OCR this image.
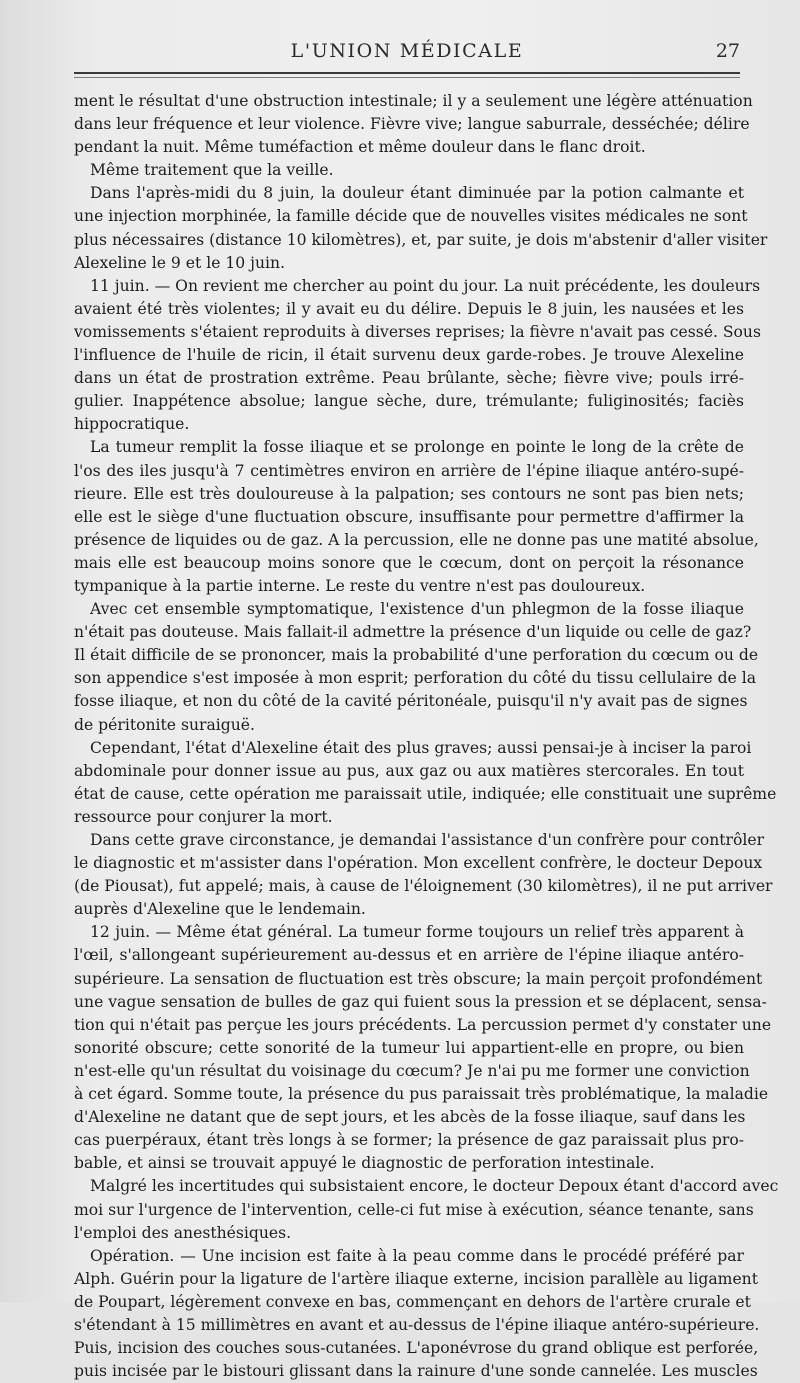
L'UNION MÉDICALE	27
ment le résultat d'une obstruction intestinale; il y a seulement une légère atténuation
dans leur fréquence et leur violence. Fièvre vive; langue saburrale, desséchée; délire
pendant la nuit. Même tuméfaction et même douleur dans le flanc droit.
Même traitement que la veille.
Dans l'après-midi du 8 juin, la douleur étant diminuée par la potion calmante et
une injection morphinée, la famille décide que de nouvelles visites médicales ne sont
plus nécessaires (distance 10 kilomètres), et, par suite, je dois m'abstenir d'aller visiter
Alexeline le 9 et le 10 juin.
11 juin. — On revient me chercher au point du jour. La nuit précédente, les douleurs
avaient été très violentes; il y avait eu du délire. Depuis le 8 juin, les nausées et les
vomissements s'étaient reproduits à diverses reprises; la fièvre n'avait pas cessé. Sous
l'influence de l'huile de ricin, il était survenu deux garde-robes. Je trouve Alexeline
dans un état de prostration extrême. Peau brûlante, sèche; fièvre vive; pouls irré-
gulier. Inappétence absolue; langue sèche, dure, trémulante; fuliginosités; faciès
hippocratique.
La tumeur remplit la fosse iliaque et se prolonge en pointe le long de la crête de
l'os des iles jusqu'à 7 centimètres environ en arrière de l'épine iliaque antéro-supé-
rieure. Elle est très douloureuse à la palpation; ses contours ne sont pas bien nets;
elle est le siège d'une fluctuation obscure, insuffisante pour permettre d'affirmer la
présence de liquides ou de gaz. A la percussion, elle ne donne pas une matité absolue,
mais elle est beaucoup moins sonore que le cœcum, dont on perçoit la résonance
tympanique à la partie interne. Le reste du ventre n'est pas douloureux.
Avec cet ensemble symptomatique, l'existence d'un phlegmon de la fosse iliaque
n'était pas douteuse. Mais fallait-il admettre la présence d'un liquide ou celle de gaz?
Il était difficile de se prononcer, mais la probabilité d'une perforation du cœcum ou de
son appendice s'est imposée à mon esprit; perforation du côté du tissu cellulaire de la
fosse iliaque, et non du côté de la cavité péritonéale, puisqu'il n'y avait pas de signes
de péritonite suraiguë.
Cependant, l'état d'Alexeline était des plus graves; aussi pensai-je à inciser la paroi
abdominale pour donner issue au pus, aux gaz ou aux matières stercorales. En tout
état de cause, cette opération me paraissait utile, indiquée; elle constituait une suprême
ressource pour conjurer la mort.
Dans cette grave circonstance, je demandai l'assistance d'un confrère pour contrôler
le diagnostic et m'assister dans l'opération. Mon excellent confrère, le docteur Depoux
(de Piousat), fut appelé; mais, à cause de l'éloignement (30 kilomètres), il ne put arriver
auprès d'Alexeline que le lendemain.
12 juin. — Même état général. La tumeur forme toujours un relief très apparent à
l'œil, s'allongeant supérieurement au-dessus et en arrière de l'épine iliaque antéro-
supérieure. La sensation de fluctuation est très obscure; la main perçoit profondément
une vague sensation de bulles de gaz qui fuient sous la pression et se déplacent, sensa-
tion qui n'était pas perçue les jours précédents. La percussion permet d'y constater une
sonorité obscure; cette sonorité de la tumeur lui appartient-elle en propre, ou bien
n'est-elle qu'un résultat du voisinage du cœcum? Je n'ai pu me former une conviction
à cet égard. Somme toute, la présence du pus paraissait très problématique, la maladie
d'Alexeline ne datant que de sept jours, et les abcès de la fosse iliaque, sauf dans les
cas puerpéraux, étant très longs à se former; la présence de gaz paraissait plus pro-
bable, et ainsi se trouvait appuyé le diagnostic de perforation intestinale.
Malgré les incertitudes qui subsistaient encore, le docteur Depoux étant d'accord avec
moi sur l'urgence de l'intervention, celle-ci fut mise à exécution, séance tenante, sans
l'emploi des anesthésiques.
Opération. — Une incision est faite à la peau comme dans le procédé préféré par
Alph. Guérin pour la ligature de l'artère iliaque externe, incision parallèle au ligament
de Poupart, légèrement convexe en bas, commençant en dehors de l'artère crurale et
s'étendant à 15 millimètres en avant et au-dessus de l'épine iliaque antéro-supérieure.
Puis, incision des couches sous-cutanées. L'aponévrose du grand oblique est perforée,
puis incisée par le bistouri glissant dans la rainure d'une sonde cannelée. Les muscles
